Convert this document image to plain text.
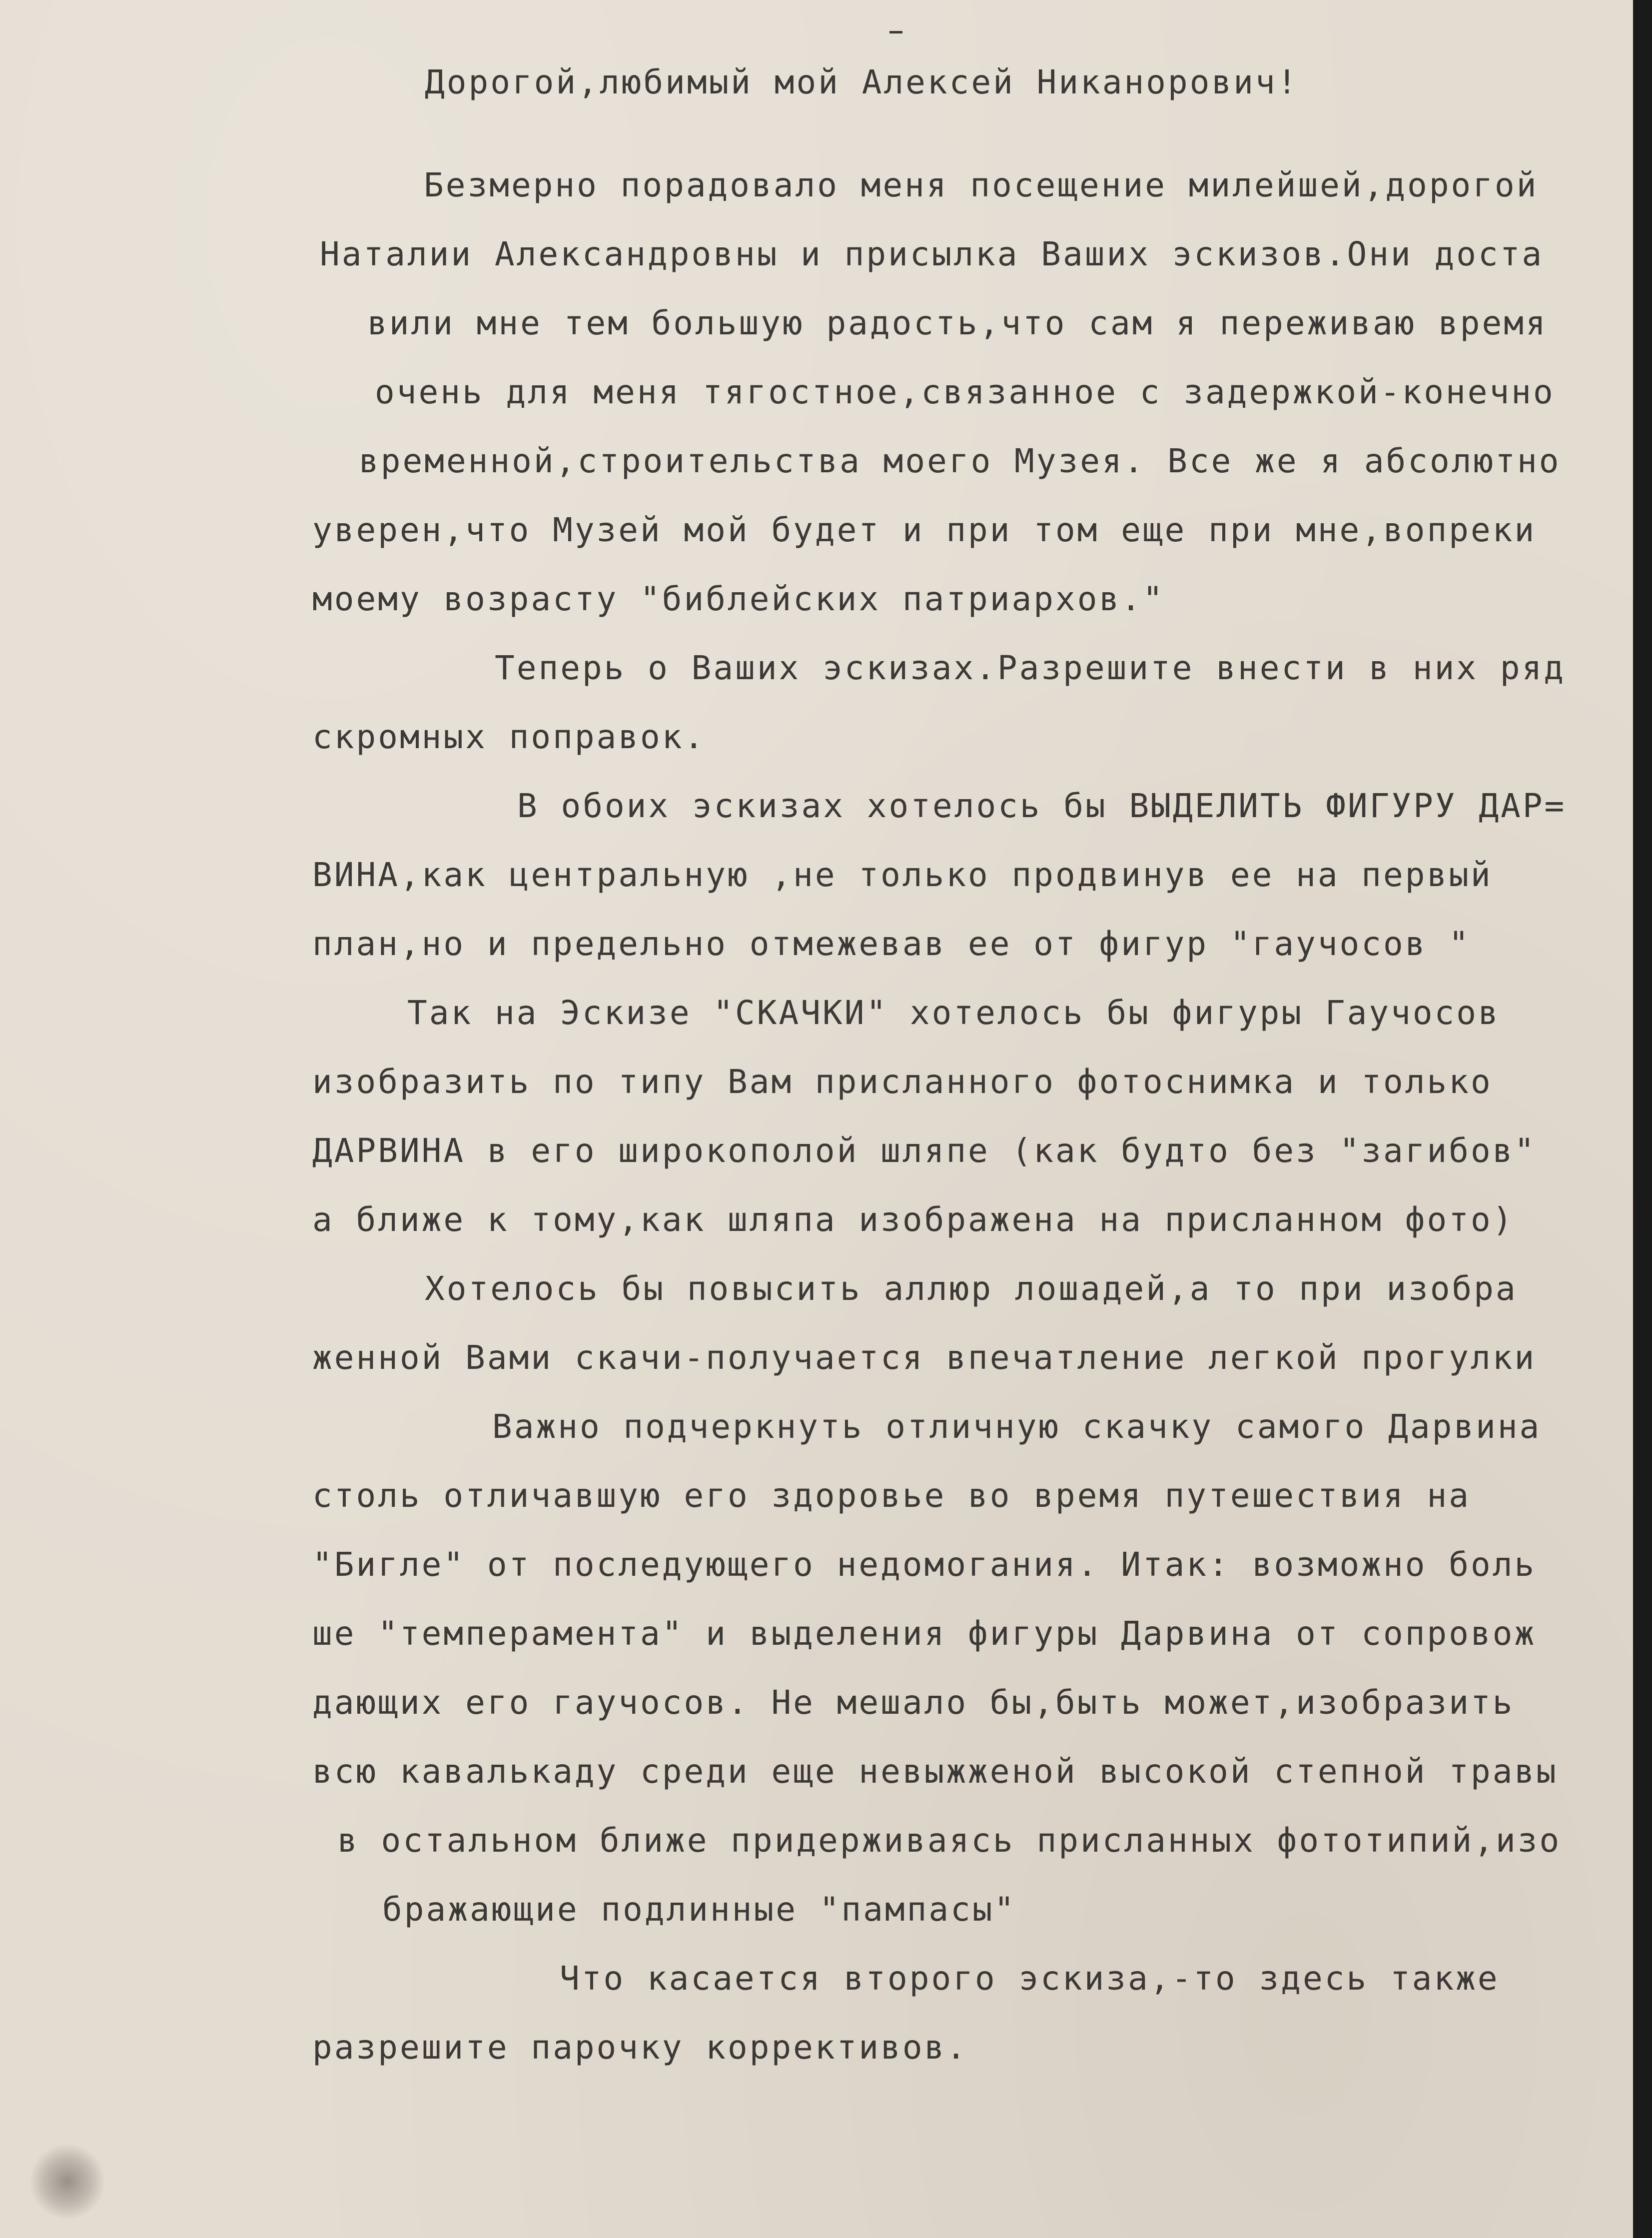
Дорогой,любимый мой Алексей Никанорович!
Безмерно порадовало меня посещение милейшей,дорогой
Наталии Александровны и присылка Ваших эскизов.Они доста
вили мне тем большую радость,что сам я переживаю время
очень для меня тягостное,связанное с задержкой-конечно
временной,строительства моего Музея. Все же я абсолютно
уверен,что Музей мой будет и при том еще при мне,вопреки
моему возрасту "библейских патриархов."
Теперь о Ваших эскизах.Разрешите внести в них ряд
скромных поправок.
В обоих эскизах хотелось бы ВЫДЕЛИТЬ ФИГУРУ ДАР=
ВИНА,как центральную ,не только продвинув ее на первый
план,но и предельно отмежевав ее от фигур "гаучосов "
Так на Эскизе "СКАЧКИ" хотелось бы фигуры Гаучосов
изобразить по типу Вам присланного фотоснимка и только
ДАРВИНА в его широкополой шляпе (как будто без "загибов"
а ближе к тому,как шляпа изображена на присланном фото)
Хотелось бы повысить аллюр лошадей,а то при изобра
женной Вами скачи-получается впечатление легкой прогулки
Важно подчеркнуть отличную скачку самого Дарвина
столь отличавшую его здоровье во время путешествия на
"Бигле" от последующего недомогания. Итак: возможно боль
ше "темперамента" и выделения фигуры Дарвина от сопровож
дающих его гаучосов. Не мешало бы,быть может,изобразить
всю кавалькаду среди еще невыжженой высокой степной травы
в остальном ближе придерживаясь присланных фототипий,изо
бражающие подлинные "пампасы"
Что касается второго эскиза,-то здесь также
разрешите парочку коррективов.
